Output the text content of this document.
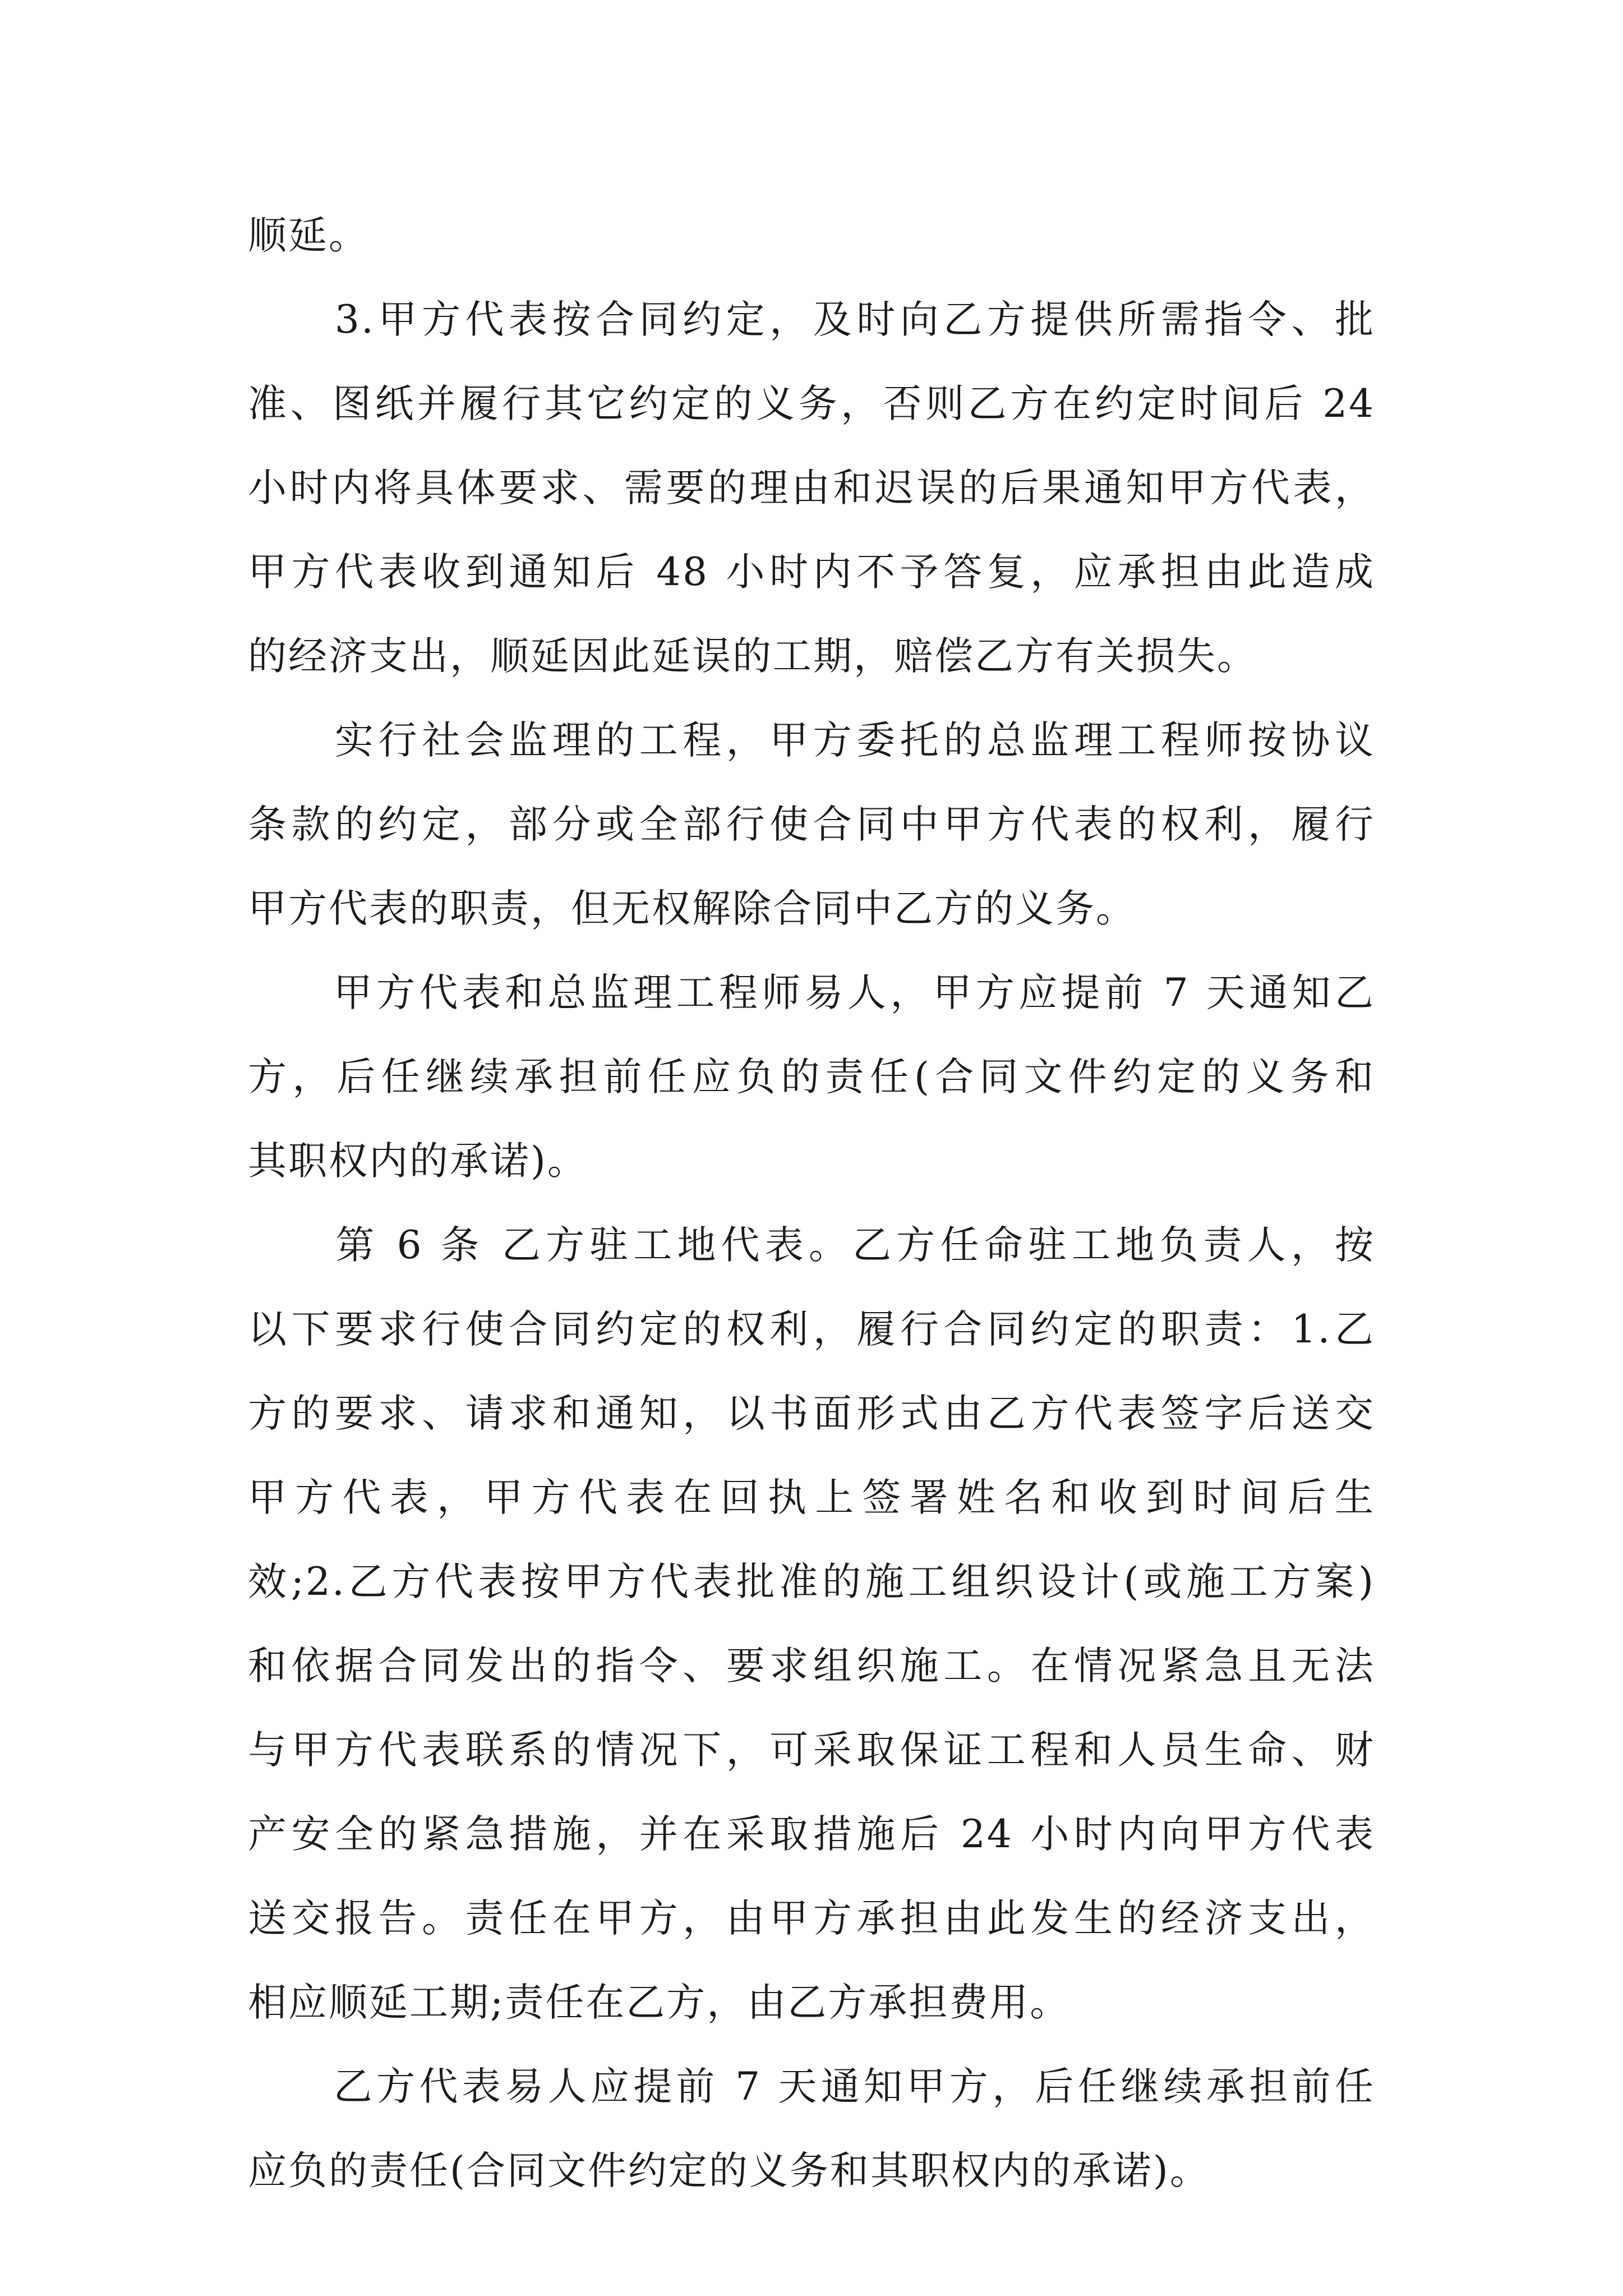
顺延。
　　3.甲方代表按合同约定，及时向乙方提供所需指令、批
准、图纸并履行其它约定的义务，否则乙方在约定时间后 24
小时内将具体要求、需要的理由和迟误的后果通知甲方代表，
甲方代表收到通知后 48 小时内不予答复，应承担由此造成
的经济支出，顺延因此延误的工期，赔偿乙方有关损失。
　　实行社会监理的工程，甲方委托的总监理工程师按协议
条款的约定，部分或全部行使合同中甲方代表的权利，履行
甲方代表的职责，但无权解除合同中乙方的义务。
　　甲方代表和总监理工程师易人，甲方应提前 7 天通知乙
方，后任继续承担前任应负的责任(合同文件约定的义务和
其职权内的承诺)。
　　第 6 条 乙方驻工地代表。乙方任命驻工地负责人，按
以下要求行使合同约定的权利，履行合同约定的职责：1.乙
方的要求、请求和通知，以书面形式由乙方代表签字后送交
甲方代表，甲方代表在回执上签署姓名和收到时间后生
效;2.乙方代表按甲方代表批准的施工组织设计(或施工方案)
和依据合同发出的指令、要求组织施工。在情况紧急且无法
与甲方代表联系的情况下，可采取保证工程和人员生命、财
产安全的紧急措施，并在采取措施后 24 小时内向甲方代表
送交报告。责任在甲方，由甲方承担由此发生的经济支出，
相应顺延工期;责任在乙方，由乙方承担费用。
　　乙方代表易人应提前 7 天通知甲方，后任继续承担前任
应负的责任(合同文件约定的义务和其职权内的承诺)。
